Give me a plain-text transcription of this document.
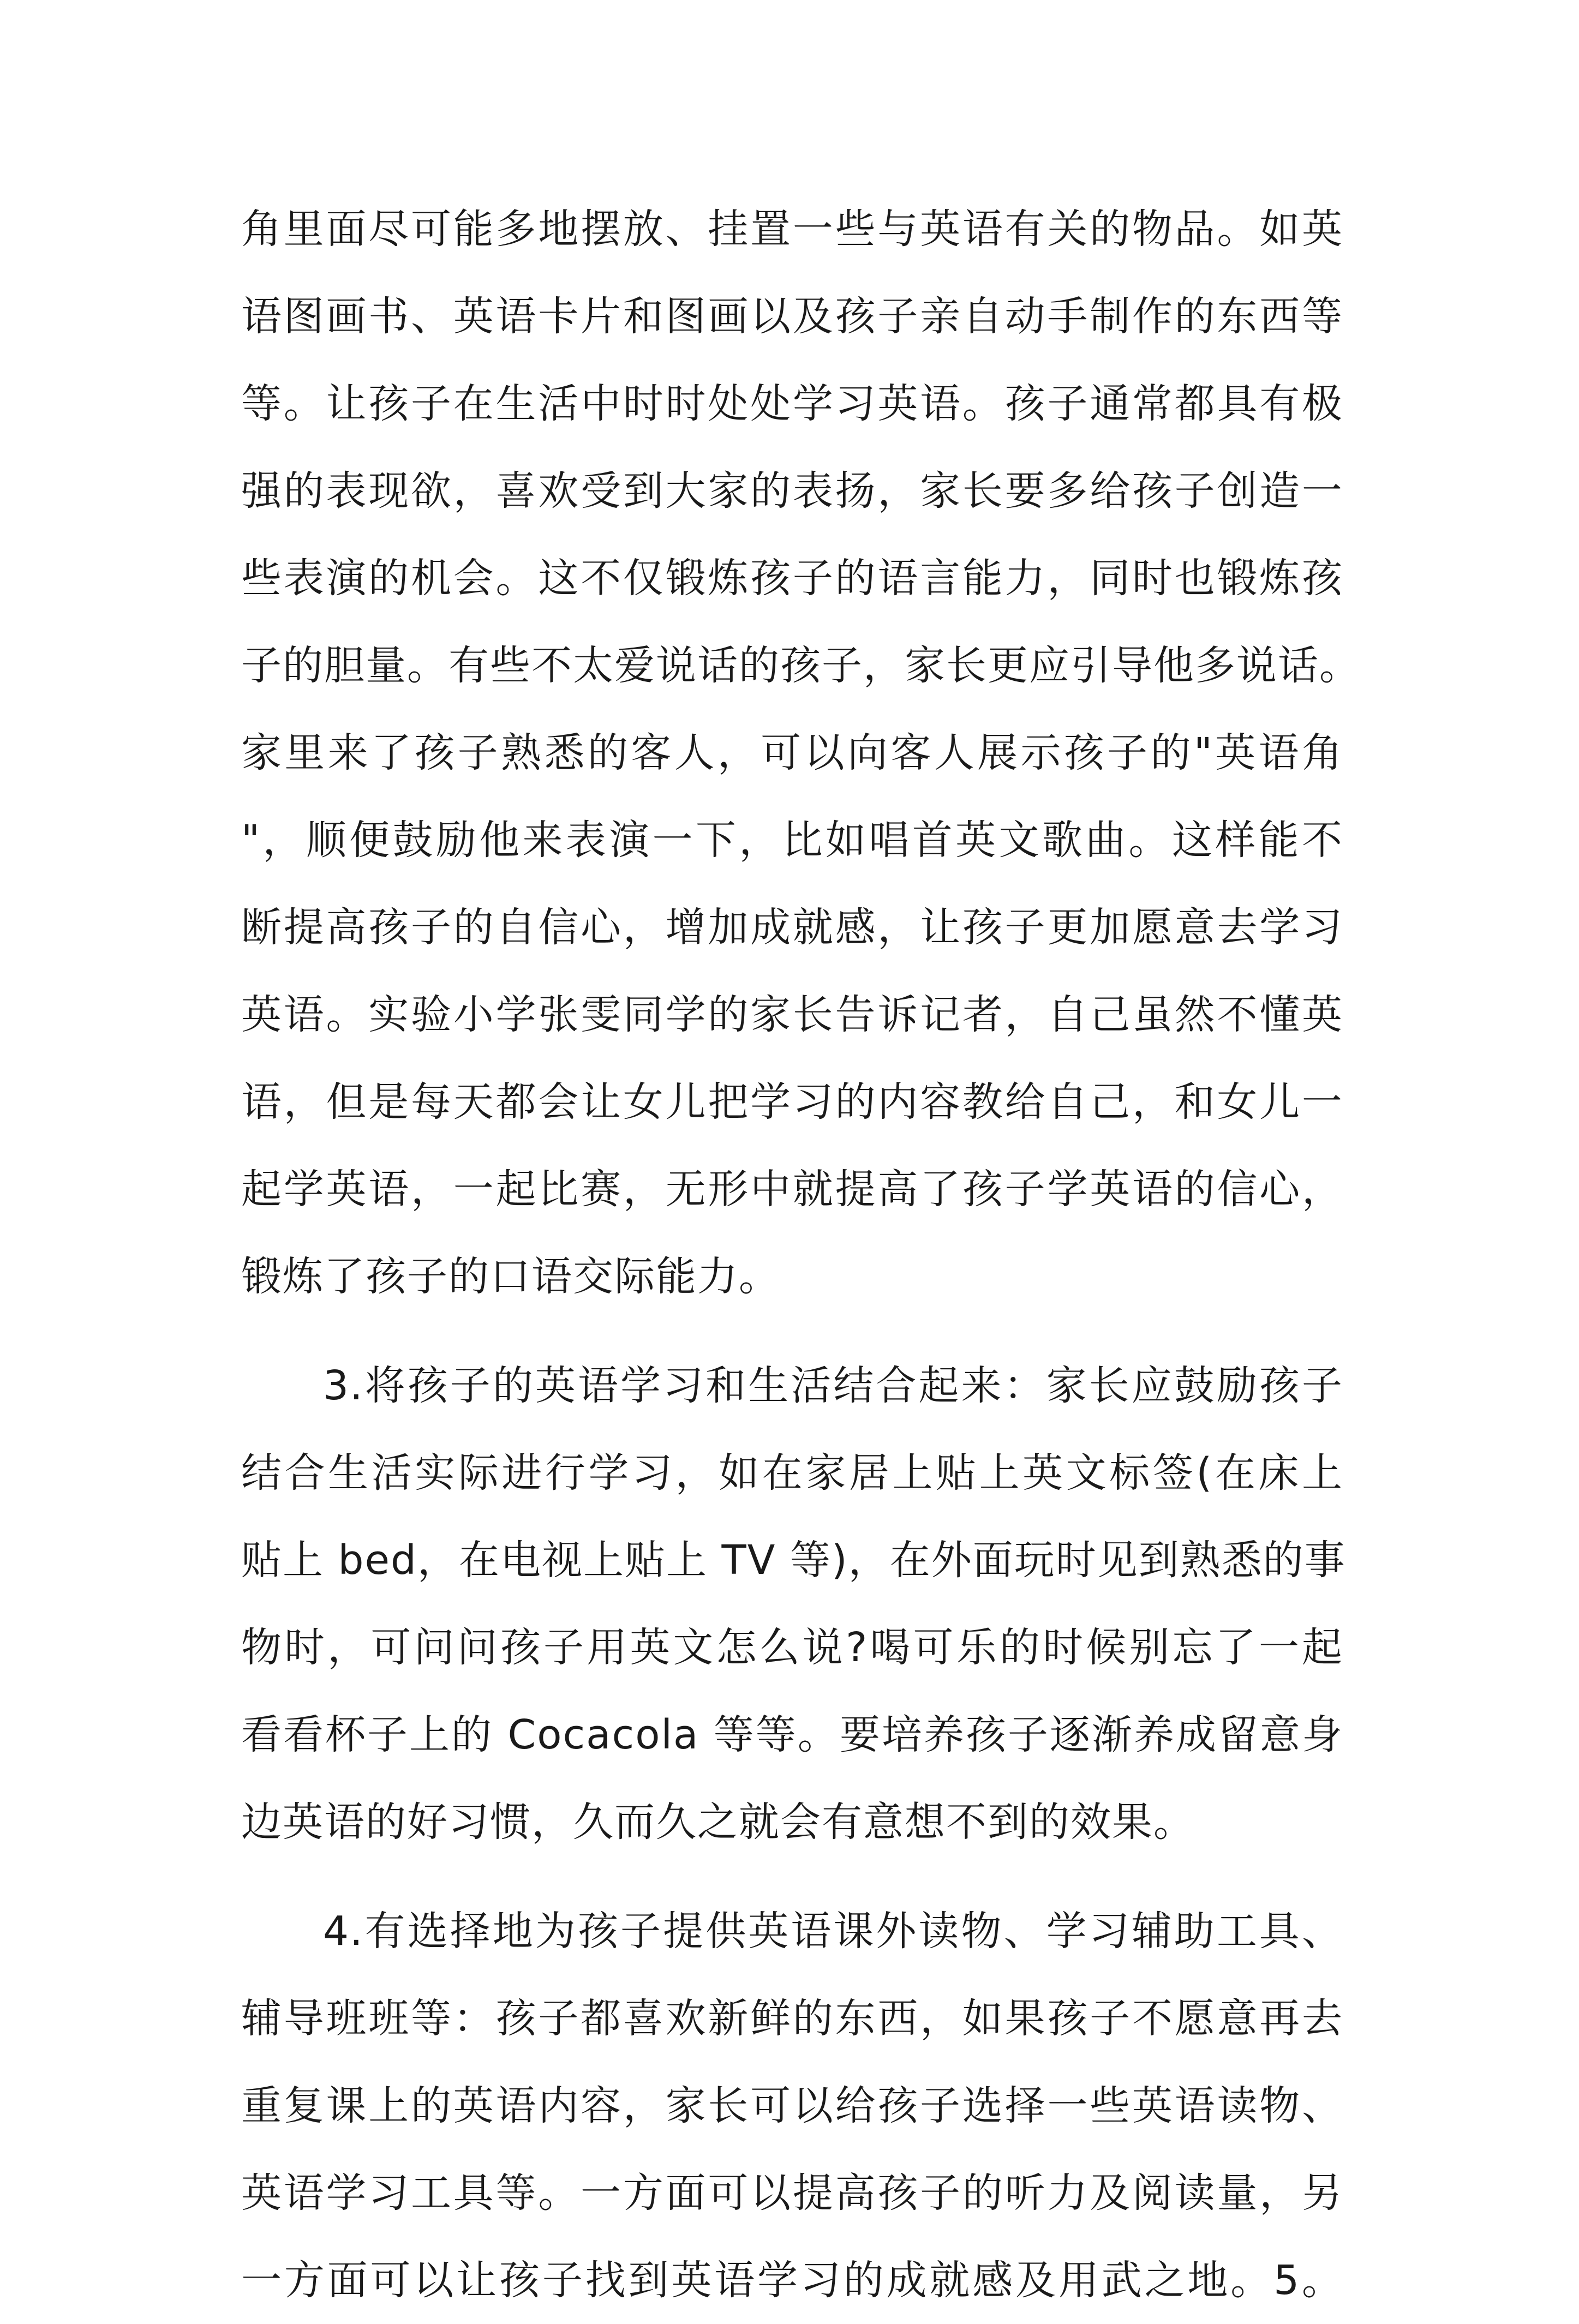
角里面尽可能多地摆放、挂置一些与英语有关的物品。如英
语图画书、英语卡片和图画以及孩子亲自动手制作的东西等
等。让孩子在生活中时时处处学习英语。孩子通常都具有极
强的表现欲，喜欢受到大家的表扬，家长要多给孩子创造一
些表演的机会。这不仅锻炼孩子的语言能力，同时也锻炼孩
子的胆量。有些不太爱说话的孩子，家长更应引导他多说话。
家里来了孩子熟悉的客人，可以向客人展示孩子的"英语角
"，顺便鼓励他来表演一下，比如唱首英文歌曲。这样能不
断提高孩子的自信心，增加成就感，让孩子更加愿意去学习
英语。实验小学张雯同学的家长告诉记者，自己虽然不懂英
语，但是每天都会让女儿把学习的内容教给自己，和女儿一
起学英语，一起比赛，无形中就提高了孩子学英语的信心，
锻炼了孩子的口语交际能力。
3.将孩子的英语学习和生活结合起来：家长应鼓励孩子
结合生活实际进行学习，如在家居上贴上英文标签(在床上
贴上 bed，在电视上贴上 TV 等)，在外面玩时见到熟悉的事
物时，可问问孩子用英文怎么说?喝可乐的时候别忘了一起
看看杯子上的 Cocacola 等等。要培养孩子逐渐养成留意身
边英语的好习惯，久而久之就会有意想不到的效果。
4.有选择地为孩子提供英语课外读物、学习辅助工具、
辅导班班等：孩子都喜欢新鲜的东西，如果孩子不愿意再去
重复课上的英语内容，家长可以给孩子选择一些英语读物、
英语学习工具等。一方面可以提高孩子的听力及阅读量，另
一方面可以让孩子找到英语学习的成就感及用武之地。5。
